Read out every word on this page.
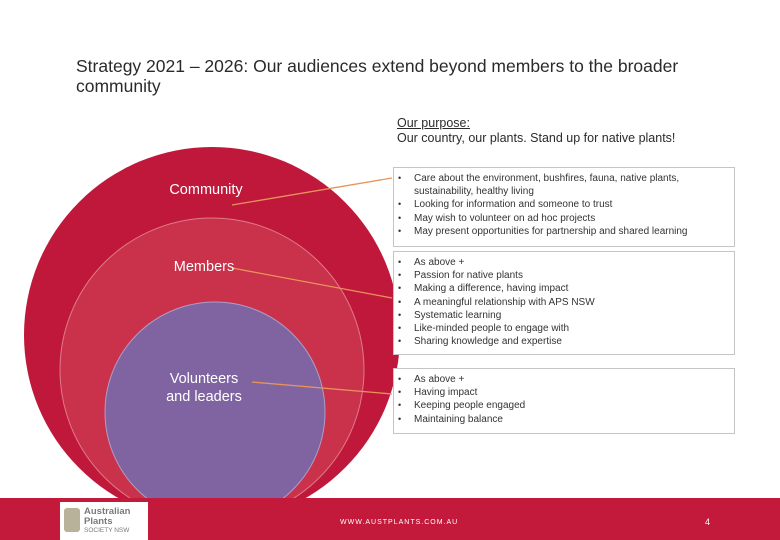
Strategy 2021 – 2026: Our audiences extend beyond members to the broader community
Our purpose:
Our country, our plants. Stand up for native plants!
Community
Members
Volunteers and leaders
• Care about the environment, bushfires, fauna, native plants, sustainability, healthy living
• Looking for information and someone to trust
• May wish to volunteer on ad hoc projects
• May present opportunities for partnership and shared learning
• As above +
• Passion for native plants
• Making a difference, having impact
• A meaningful relationship with APS NSW
• Systematic learning
• Like-minded people to engage with
• Sharing knowledge and expertise
• As above +
• Having impact
• Keeping people engaged
• Maintaining balance
Australian
Plants
SOCIETY NSW
WWW.AUSTPLANTS.COM.AU	4
